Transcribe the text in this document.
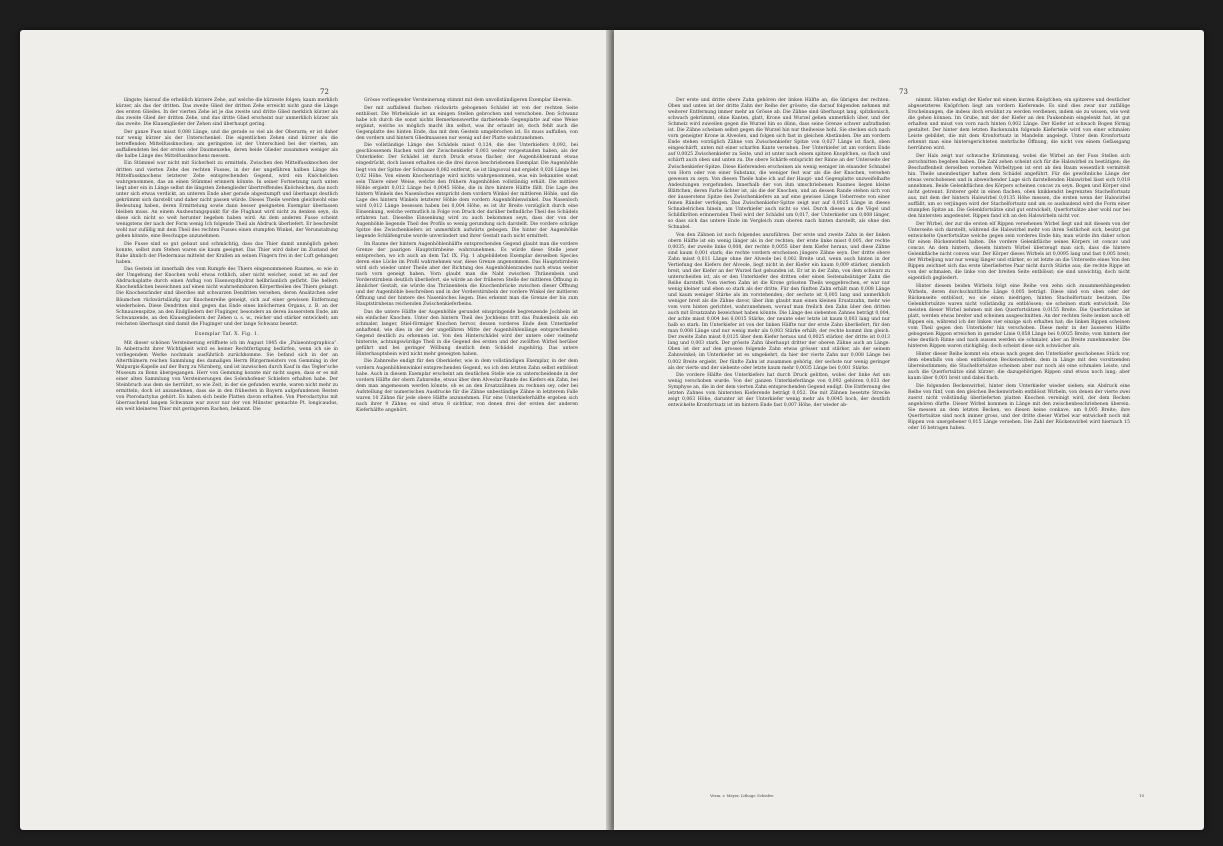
72

längste; hierauf die erheblich kürzere Zehe, auf welche die kürzeste folgen; kaum merklich kürzer, als das der dritten. Das zweite Glied der dritten Zehe erreicht nicht ganz die Länge des ersten Gliedes. In der vierten Zehe ist je das zweite und dritte Glied merklich kürzer als das zweite Glied der dritten Zehe, und das dritte Glied erscheint nur unmerklich kürzer als das zweite. Die Klauenglieder der Zehen sind überhaupt gering.

Der ganze Fuss misst 0,088 Länge, und die gerade so viel als der Oberarm; er ist daher nur wenig kürzer als der Unterschenkel. Die eigentlichen Zehen sind kürzer als die betreffenden Mittelfussknochen; am geringsten ist der Unterschied bei der vierten, am auffallendsten bei der ersten oder Daumenzehe, deren beide Glieder zusammen weniger als die halbe Länge des Mittelfussknochens messen.

Ein Stümmel war nicht mit Sicherheit zu ermitteln. Zwischen den Mittelfussknochen der dritten und vierten Zehe des rechten Fusses, in der der ungefähren halben Länge des Mittelfussknochens letzterer Zehe entsprechenden Gegend, wird ein Knöchelchen wahrgenommen, das an einen Stümmel erinnern könnte. In seiner Fortsetzung nach unten liegt aber ein in Länge selbst die längsten Zehenglieder übertreffendes Knöchelchen, das noch unter sich etwas verdickt, an unteren Ende aber gerade abgestumpft und überhaupt deutlich gekrümmt sich darstellt und daher nicht passen würde. Dieses Theile werden gleichwohl eine Bedeutung haben, deren Ermittelung sowie dann besser geeigneten Exemplar überlassen bleiben muss. An einem Ausbeutungspunkt für die Flughaut wird nicht zu denken seyn, da diese sich nicht so weit herunter begeben haben wird. An dem anderen Fusse scheint wenigstens der nach der Form wenig Ich folgende Theil als Abdruck überliefert. Er beschreibt wohl nur zufällig mit dem Theil des rechten Fusses einen stumpfen Winkel, der Verunstaltung gehen könnte, eine Beschuppe anzunehmen.

Die Fusse sind so gut gebaut und schmächtig, dass das Thier damit unmöglich gehen konnte, selbst zum Stehen waren sie kaum geeignet. Das Thier wird daher im Zustand der Ruhe ähnlich der Fledermaus mittelst der Krallen an seinen Fingern frei in der Luft gehangen haben.

Das Gestein ist innerhalb des vom Rumpfe des Thiers eingenommenen Raumes, so wie in der Umgebung der Knochen wohl etwas rothlich, aber nicht weicher, sonst ist es auf der Abdrucksplatte durch einen Anflug von Eisenoxydhydrat hellbräunlich gefärbt. Die hellern Knochenflächen bezeichnen auf einen nicht wahrnehmbaren Körpertheilen des Thiers gelangt. Die Knochenränder sind überdies mit schwarzen Dendriten versehen, deren Ansätzchen oder Bäumchen rückwärtsläufig zur Knochenreihe geneigt, sich auf einer gewissen Entfernung wiederholen. Diese Dendriten sind gegen das Ende eines knöchernen Organs, z. B. an der Schnauzenspitze, an den Endgliedern der Fluginger, besonders an deren äusserstem Ende, am Schwanzende, an den Klauengliedern der Zehen u. s. w., reicher und stärker entwickelt; am reichsten überhaupt sind damit die Fluginger und der lange Schwanz besetzt.

Exemplar Taf. X. Fig. 1.

Mit dieser schönen Versteinerung eröffnete ich im August 1845 die „Palaeontographica“. In Anbetracht ihrer Wichtigkeit wird es keiner Rechtfertigung bedürfen, wenn ich sie in vorliegendem Werke nochmals ausführlich zurückkomme. Sie befand sich in der an Alterthümern reichen Sammlung des damaligen Herrn Bürgermeisters von Gemming in der Walpurgis-Kapelle auf der Burg zu Nürnberg, und ist inzwischen durch Kauf in das Tegler'sche Museum zu Bonn übergegangen. Herr von Gemming konnte mir nicht sagen, dass er es mit einer alten Sammlung von Versteinerungen des Solenhofener Schiefers erhalten habe. Der Steinbruch aus dem sie herrührt, so wie Zeit, in der sie gefunden wurde, waren nicht mehr zu ermitteln; doch ist anzunehmen, dass sie in den frühesten in Bayern aufgefundenen Resten von Pterodactylus gehört. Es haben sich beide Platten davon erhalten. Von Pterodactylus mit überraschend langem Schwanze war zuvor nur der von Münster gemachte Pt. longicaudus, ein weit kleineres Thier mit geringerem Rachen, bekannt. Die

Grösse vorliegender Versteinerung stimmt mit dem unvollständigeren Exemplar überein.

Der mit auffallend flachen rückwärts gebogenen Schädel ist von der rechten Seite entblösst. Die Wirbelsäule ist an einigen Stellen gebrochen und verschoben. Den Schwanz habe ich durch die sonst nichts Bemerkenswerthe darbietende Gegenplatte auf eine Weise ergänzt, welche so möglich macht ihn selbst, was ihr erlaubt ist; doch fehlt auch die Gegenplatte des hinten Ende, das mit dem Gestein umgebrochen ist. Es muss auffallen, von den vordern und hintern Gliedmaassen nur wenig auf der Platte wahrzunehmen.

Die vollständige Länge des Schädels misst 0,124, die des Unterkiefers 0,092, bei geschlossenem Rachen wird der Zwischenkiefer 0,003 weiter vorgestanden haben, als der Unterkiefer. Der Schädel ist durch Druck etwas flacher, der Augenhöhlenrand etwas eingedrückt, doch lassen erhalten sie die drei davon beschriebenen Exemplar. Die Augenhöhle liegt von der Spitze der Schnauze 0,082 entfernt, sie ist längsoval und ergiebt 0,026 Länge bei 0,02 Höhe. Von einem Knochenringe wird nichts wahrgenommen, was ein bekanntes sonst sein Thiere einer Weise, welche den frühern Augenhöhlen vollständig erhält. Die mittlere Höhle ergiebt 0,012 Länge bei 0,0045 Höhe, die in ihre hintere Hälfte fällt. Die Lage des hintern Winkels des Nasenloches entspricht dem vordern Winkel der mittleren Höhle, und die Lage des hintern Winkels letzterer Höhle dem vordern Augenhöhlenwinkel. Das Nasenloch wird 0,012 Länge besessen haben bei 0,004 Höhe, es ist ihr Breite vorzüglich durch eine Einsenkung, welche vermutlich in Folge von Druck der darüber befindliche Theil des Schädels erfahren hat. Dieselbe Einsenkung wird zu auch bekommen seyn, dass der von der Augenhöhle liegende Theil des Profils so wenig gerundung sich darstellt. Die vordere schräge Spitze des Zwischenkiefers ist unmerklich aufwärts gebogen. Die hinter der Augenhöhle liegende Schläfengrube wurde unverändert und ihrer Gestalt nach nicht ermittelt.

Im Raume der hintern Augenhöhlenhälfte entsprechenden Gegend glaubt man die vordere Grenze der paarigen Hauptstirnbeine wahrzunehmen. Es würde diese Stelle jener entsprechen, wo ich auch an dem Taf. IX. Fig. 1 abgebildeten Exemplar derselben Species deren eine Lücke im Profil wahrnehmen war, diese Grenze angenommen. Das Hauptstirnbein wird sich wieder unter Theile aber der Richtung des Augenhöhlenrandes nach etwas weiter nach vorn geneigt haben. Vorn glaubt man die Naht zwischen Thränenbein und Vorderstirnbein deutlich überliefert, sie würde an der früheren Stelle der mittleren Öffnung in ähnlicher Gestalt, sie würde das Thränenbein die Knochenbrücke zwischen dieser Öffnung und der Augenhöhle beschreiben und in der Vorderstirnbein der vordere Winkel der mittleren Öffnung und der hintere des Nasenloches liegen. Dies erkennt man die Grenze der bis zum Hauptstirnbeins reichenden Zwischenkieferbeins.

Das die untere Hälfte der Augenhöhle gerundet einspringende begrenzende Jochbein ist ein einfacher Knochen. Unter den hintern Theil des Jochbeins tritt das Paukenbein als ein schmaler, langer, Stiel-förmiger Knochen hervor, dessen vorderes Ende dem Unterkiefer anhaftend, wie dies in der der ungefähren Mitte der Augenhöhlenlänge entsprechenden Gegend deutlich zu erkennen ist. Von den Hinterschädel wird der untere oder vielmehr hinterste, achtungswürdige Theil in die Gegend des ersten und der zwölften Wirbel herüber geführt und bei geringer Wölbung deutlich dem Schädel zugehörig. Das untere Hinterhauptsbein wird nicht mehr geneigten haben.

Die Zahnreihe endigt für den Oberkiefer, wie in dem vollständigen Exemplar, in der dem vordern Augenhöhlenwinkel entsprechenden Gegend, wo ich den letzten Zahn selbst entblösst habe. Auch in diesem Exemplar erscheint am deutlichen Stelle wie zu unterscheidende in der vordern Hälfte der obern Zahnreihe, etwas über dem Alveolar-Rande des Kiefers ein Zahn, bei dem man angemessen werden könnte, ob es an den Ersatzzähnen zu rechnen sey, oder bei Aufstellung der numerischen Ausdrucke für die Zähne unbeständige Zähne in letzterem Falle waren 10 Zähne für jede obere Hälfte anzunehmen. Für eine Unterkieferhälfte ergeben sich nach ihrer 9 Zähne; es sind etwa 8 sichtbar, von denen drei der ersten der anderen Kieferhälfte angehört.

73

Der erste und dritte obere Zahn gehören der linken Hälfte an, die übrigen der rechten. Oben und unten ist der dritte Zahn der Reihe der grösste; die darauf folgenden nehmen mit weiterer Entfernung immer mehr an Grösse ab. Die Zähne sind überhaupt lang, spitzkonisch, schwach gekrümmt, ohne Kanten, glatt, Krone und Wurzel gehen unmerklich über, und der Schmelz wird zuweilen gegen die Wurzel hin so dünn, dass seine Grenze schwer aufzufinden ist. Die Zähne scheinen selbst gegen die Wurzel hin nur theilweise hohl. Sie stecken sich nach vorn geneigter Krone in Alveolen, und folgen sich fast in gleichen Abständen. Die am vordern Ende stehen vorzüglich Zähne von Zwischenkiefer Spitze von 0,027 Länge ist flach, oben eingeschärft, unten mit einer scharfen Kante versehen. Der Unterkiefer ist am vordern Ende auf 0,0025 Zwischenkiefer zu Seite, und ist unter nach einem spitzen Knopfchen, so flach und schärft auch oben und unten zu. Die obere Schärfe entspricht der Rinne an der Unterseite der Zwischenkiefer-Spitze. Diese Kieferenden erscheinen als wenig weniger im einander Schnabel von Horn oder von einer Substanz, die weniger fest war als die der Knochen, versehen gewesen zu seyn. Von diesen Theile habe ich auf der Haupt- und Gegenplatte unzweifelhafte Andeutungen vorgefunden. Innerhalb der von ihm umschriebenen Raumes liegen kleine Blättchen, deren Farbe lichter ist, als die der Knochen, und an dessen Rande stehen sich von der äusserstens Spitze des Zwischenkiefers an auf eine gewisse Länge Ueberreste von einer feinen Ränder verfolgen. Das Zwischenkiefer-Spitze zeigt nur auf 0,0025 Länge in dieses Schnabelrichen hinein, am Unterkiefer auch nicht so viel. Durch diesen an die Vögel und Schildkröten erinnernden Theil wird der Schädel um 0,017, der Unterkiefer um 0,008 länger, so dass sich das untere Ende im Vergleich zum oberen nach hinten darstellt, als ohne den Schnabel.

Von den Zähnen ist noch folgendes anzuführen. Der erste und zweite Zahn in der linken obern Hälfte ist ein wenig länger als in der rechten; der erste linke misst 0,005, der rechte 0,0035; der zweite linke 0,008, der rechte 0,0055 über dem Kiefer heraus, und diese Zähne sind kaum 0,001 stark; die rechte vordern erscheinen jüngere Zähne seyn. Der dritte obere Zahn misst 0,011 Länge ohne der Alveole bei 0,002 Breite und, wenn auch hinten in der Vertiefung des Kiefers der Alveole, liegt nicht in der Kiefer ein kaum 0,009 stärker, ziemlich breit, und der Kiefer an der Wurzel fast gebunden ist. Er ist in der Zahn, von dem schwarz zu unterscheiden ist, als er den Unterkiefer des dritten oder einen Seitenabsätziger Zahn die Reihe darstellt. Vom vierten Zahn ist die Krone grössten Theils weggebrochen, er war nur wenig kleiner und eben so stark als der dritte. Für den fünften Zahn erhält man 0,008 Länge und kaum weniger Stärke als im vorstehenden; der sechste ist 0,005 lang und unmerklich weniger breit als die Zähne davor, über ihm glaubt man einen kleinen Ersatzzahn, mehr wie vom vorn hinten gerichtet, wahrzunehmen, worauf man freilich den Zahn über den dritten auch mit Ersatzzahn bezeichnet haben könnte. Die Länge des siebenten Zahnes beträgt 0,004, der achte misst 0,004 bei 0,0015 Stärke, der neunte oder letzte ist kaum 0,003 lang und nur halb so stark. Im Unterkiefer ist von der linken Hälfte nur der erste Zahn überliefert, für den man 0,008 Länge und nur wenig mehr als 0,003 Stärke erhält; der rechte kommt ihm gleich. Der zweite Zahn misst 0,0125 über dem Kiefer heraus und 0,0025 stärker, der dritte ist 0,013 lang und 0,003 stark. Der grösste Zahn überhaupt dritter der oberen Zähne auch an Länge. Oben ist der auf den grossen folgende Zahn etwas grösser und stärker, als der seinem Zahnwinkel; im Unterkiefer ist es umgekehrt, da hier der vierte Zahn nur 0,008 Länge bei 0,002 Breite ergiebt. Der fünfte Zahn ist zusammen gehörig, der sechste nur wenig geringer als der vierte und der siebente oder letzte kaum mehr 0,0035 Länge bei 0,001 Stärke.

Die vordere Hälfte des Unterkiefers hat durch Druck gelitten, wobei der linke Ast um wenig verschoben wurde. Von der ganzen Unterkieferlänge von 0,092 gehören 0,033 der Symphyse an, die in der dem vierten Zahn entsprechenden Gegend endigt. Die Entfernung des letzten Zahnes vom hintersten Kieferende beträgt 0,052. Die mit Zähnen besetzte Strecke zeigt 0,063 Höhe, darunter ist der Unterkiefer wenig mehr als 0,0045 hoch, der deutlich entwickelte Kronfortsatz ist im hintern Ende fast 0,007 Höhe, der wieder ab-

nimmt. Hinten endigt der Kiefer mit einem kurzen Knöpfchen; ein spitzeres und deutlicher abgesetzteres Knöpfchen liegt am vordern Kieferende. Es sind dies zwar nur zufällige Erscheinungen, die indess doch erwähnt zu werden verdienen, indem sie zu wissen, wie weit die gehen können. Im Grube, mit der der Kiefer an den Paukenbein eingelenkt hat, ist gut erhalten und misst von vorn nach hinten 0,002 Länge. Der Kiefer ist schwach Bogen förmig gestaltet. Der hinter dem letzten Backenzahn folgende Kieferteile wird von einer schmalen Leiste gebildet, die mit dem Kronfortsatz in Mandelin angelegt. Unter dem Kronfortsatz erkennt man eine hintersgerichteten mehrfache Öffnung, die nicht von einem Gefässgang herrühren wird.

Der Hals zeigt nur schwache Krümmung, wobei die Wirbel an der Fuss Stellen sich zerschnitten begeben haben. Die Zahl zehen scheint sich für die Halswirbel zu bestätigen; die Beschaffenheit derselben vorsehen Wirbeltypen ist erst ab den Baum wesentlich vermittelt hin. Theile uneindeutiger haften dem Schädel angeführt. Für die gewöhnliche Länge der etwas verschobenen und in abweichender Lage sich darstellenden Halswirbel lässt sich 0,018 annehmen. Beide Gelenkflächen des Körpers scheinen concav zu seyn. Bogen und Körper sind nicht getrennt. Ersterer geht in einen flachen, oben knikkendst begrenzten Stachelfortsatz aus, mit dem der hintern Halswirbel 0,0135 Höhe messen, die ersten wenn der Halswirbel auffällt, um so verjüngen wird der Stachelfortsatz und um so ausbaulend wird die Form einer stumpfen Spitze an. Die Gelenkfortsätze sind gut entwickelt, Querfortsätze aber wohl nur bei den hintersten angedeutet. Rippen fand ich an den Halswirbeln nicht vor.

Der Wirbel, der zur die ersten elf Rippen versehenen Wirbel liegt und mit diesem von der Unterseite sich darstellt, während die Halswirbel mehr von ihren Seitlicheit sich, besitzt gut entwickelte Querfortsätze welche gegen sein vorderes Ende hin; man würde ihn daher schon für einen Rückenwirbel halten. Die vordere Gelenkfläche seines Körpers ist concav und concav. An dem hintern, diesem hintern Wirbel überzeugt man sich, dass die hintere Gelenkfläche nicht convex war. Der Körper dieses Wirbels ist 0,0095 lang und fast 0,005 breit; der Wirbeljung war nur wenig länger und stärker, so ist letzte an die Unterseite eines Von den Rippen zeichnet sich das erste überliefertes Paar nicht durch Stärke aus; die rechte Rippe ist von der schmalen, die linke von der breiten Seite entblösst; sie sind unwichtig, doch nicht eigentlich gegliedert.

Hinter diesem beiden Wirbeln folgt eine Reihe von zehn sich zusammenhängenden Wirbeln, deren durchschnittliche Länge 0,005 beträgt. Diese sind von oben oder der Rückenseite entblösst, wo sie einen niedrigen, hinten Stachelfortsatz besitzen. Die Gelenkfortsätze waren nicht vollständig zu entblössen; sie scheinen stark entwickelt. Die meisten dieser Wirbel nehmen mit den Querfortsätzen 0,0155 Breite. Die Querfortsätze ist platt, werden etwas breiter und scheinen ausgeschnitten. An der rechten Seite lenken noch elf Rippen ein, während ich der linken vier einzige sich erhalten hat; die linken Rippen scheinen vom Theil gegen den Unterkiefer hin verschoben. Diese mehr in der äusseren Hälfte gebogenen Rippen erreichen in gerader Linie 0,058 Länge bei 0,0025 Breite; vom hintern der eine deutlich Rinne und nach aussen werden sie schmaler, aber an Breite zunehmender. Die hinteren Rippen waren stichighög; doch scheint diese sich schwächer als.

Hinter dieser Reihe kommt ein etwas nach gegen den Unterkiefer geschobenes Stück vor, dem ebenfalls von oben entblössten Beckenwirbeln, dem in Länge mit den vorsitzenden übereinstimmen; die Stachelfortsätze scheinen aber nur noch als eine schmalen Leiste, und auch die Querfortsätze sind kürzer; die dazugehörigen Rippen sind etwas noch lang; aber kaum über 0,001 breit und dabei flach.

Die folgenden Beckenwirbel, hinter dem Unterkiefer wieder sieben; ein Abdruck eine Reihe von fünf, vom den gleichen Beckenwirbeln entblösst Wirbeln, von denen der vierte zwei zuerst nicht vollständig überlieferten platten Knochen vereinigt wird, der dem Becken angehören dürfte. Dieser Wirbel kommen in Länge mit den zwischenbeschriebenen überein. Sie messen an dem letzten Becken, wo diesen keine conkave, um 0,005 Breite; ihre Querfortsätze sind noch immer gross, und der dritte dieser Wirbel war entwickelt noch mit Rippen von unergebener 0,015 Länge versehen. Die Zahl der Rückenwirbel wird hiernach 15 oder 16 betragen haben.

Verm. v. Meyer, Lithogr. Schiefer.	10
